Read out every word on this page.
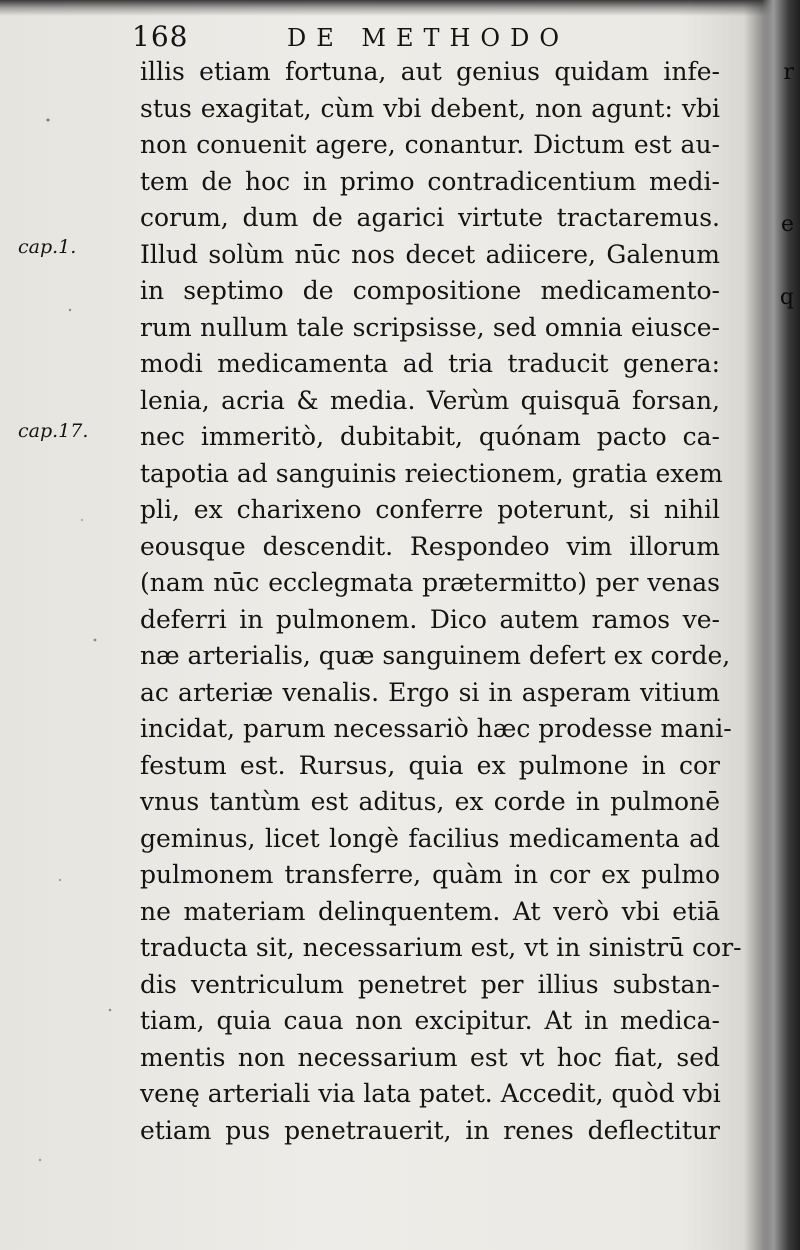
r
e
q
168	DE METHODO
cap.1.
cap.17.
illis etiam fortuna, aut genius quidam infe-
stus exagitat, cùm vbi debent, non agunt: vbi
non conuenit agere, conantur. Dictum est au-
tem de hoc in primo contradicentium medi-
corum, dum de agarici virtute tractaremus.
Illud solùm nūc nos decet adiicere, Galenum
in septimo de compositione medicamento-
rum nullum tale scripsisse, sed omnia eiusce-
modi medicamenta ad tria traducit genera:
lenia, acria & media. Verùm quisquā forsan,
nec immeritò, dubitabit, quónam pacto ca-
tapotia ad sanguinis reiectionem, gratia exem
pli, ex charixeno conferre poterunt, si nihil
eousque descendit. Respondeo vim illorum
(nam nūc ecclegmata prætermitto) per venas
deferri in pulmonem. Dico autem ramos ve-
næ arterialis, quæ sanguinem defert ex corde,
ac arteriæ venalis. Ergo si in asperam vitium
incidat, parum necessariò hæc prodesse mani-
festum est. Rursus, quia ex pulmone in cor
vnus tantùm est aditus, ex corde in pulmonē
geminus, licet longè facilius medicamenta ad
pulmonem transferre, quàm in cor ex pulmo
ne materiam delinquentem. At verò vbi etiā
traducta sit, necessarium est, vt in sinistrū cor-
dis ventriculum penetret per illius substan-
tiam, quia caua non excipitur. At in medica-
mentis non necessarium est vt hoc fiat, sed
venę arteriali via lata patet. Accedit, quòd vbi
etiam pus penetrauerit, in renes deflectitur
